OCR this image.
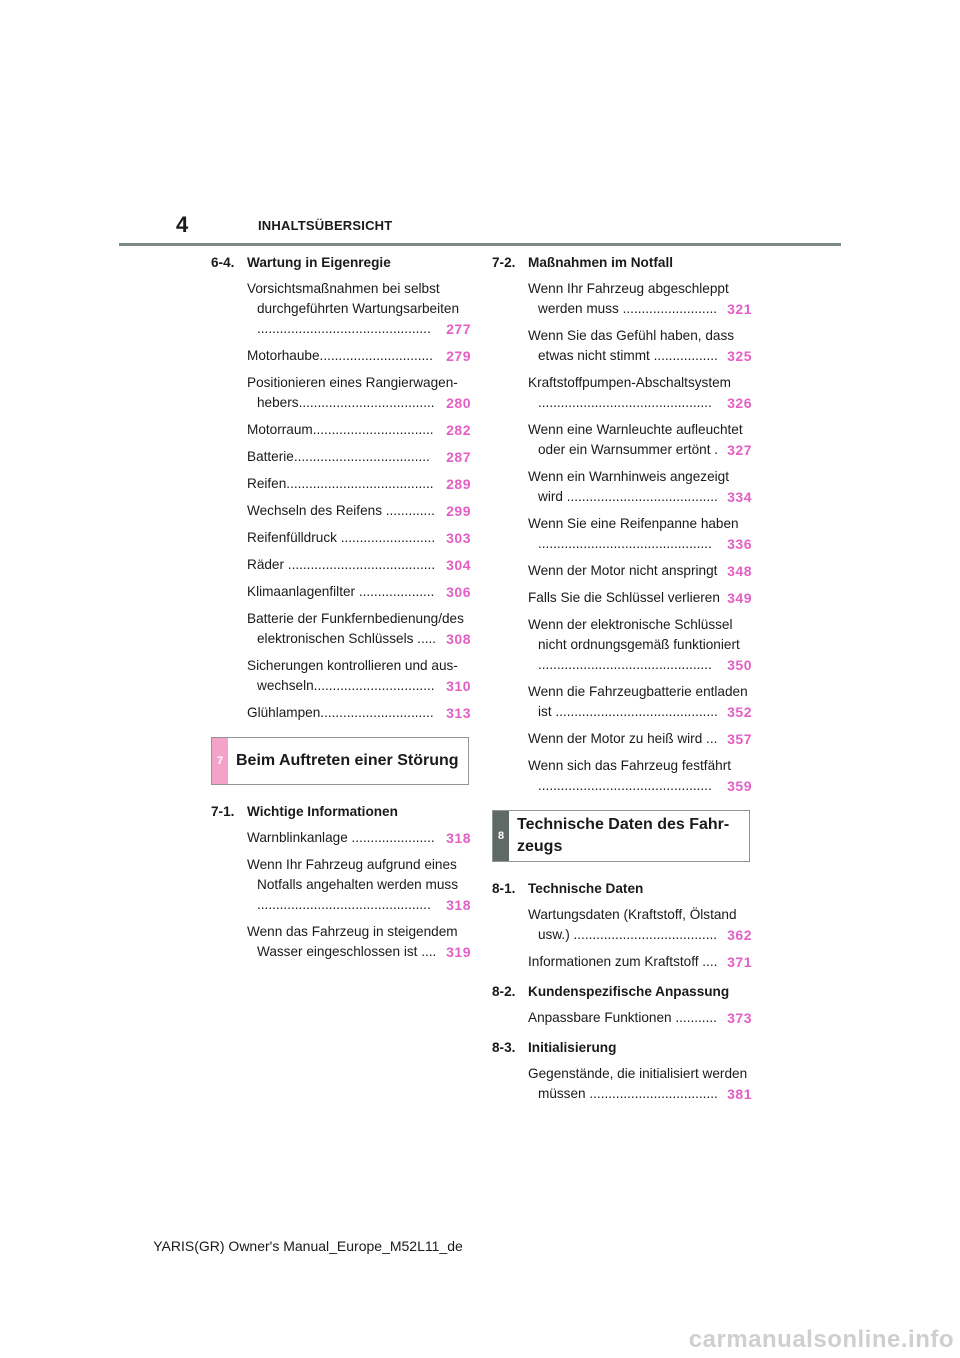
4	INHALTSÜBERSICHT
6-4. Wartung in Eigenregie
Vorsichtsmaßnahmen bei selbst
durchgeführten Wartungsarbeiten
..............................................	277
Motorhaube.............................. 279
Positionieren eines Rangierwagen-
hebers.................................... 280
Motorraum................................ 282
Batterie....................................	287
Reifen....................................... 289
Wechseln des Reifens ............. 299
Reifenfülldruck ......................... 303
Räder ....................................... 304
Klimaanlagenfilter .................... 306
Batterie der Funkfernbedienung/des
elektronischen Schlüssels ..... 308
Sicherungen kontrollieren und aus-
wechseln................................ 310
Glühlampen.............................. 313
7 Beim Auftreten einer Störung
7-1. Wichtige Informationen
Warnblinkanlage ...................... 318
Wenn Ihr Fahrzeug aufgrund eines
Notfalls angehalten werden muss
..............................................	318
Wenn das Fahrzeug in steigendem
Wasser eingeschlossen ist .... 319
7-2. Maßnahmen im Notfall
Wenn Ihr Fahrzeug abgeschleppt
werden muss ......................... 321
Wenn Sie das Gefühl haben, dass
etwas nicht stimmt ................. 325
Kraftstoffpumpen-Abschaltsystem
..............................................	326
Wenn eine Warnleuchte aufleuchtet
oder ein Warnsummer ertönt . 327
Wenn ein Warnhinweis angezeigt
wird ........................................ 334
Wenn Sie eine Reifenpanne haben
..............................................	336
Wenn der Motor nicht anspringt 348
Falls Sie die Schlüssel verlieren 349
Wenn der elektronische Schlüssel
nicht ordnungsgemäß funktioniert
..............................................	350
Wenn die Fahrzeugbatterie entladen
ist ........................................... 352
Wenn der Motor zu heiß wird ... 357
Wenn sich das Fahrzeug festfährt
..............................................	359
8
Technische Daten des Fahr-
zeugs
8-1. Technische Daten
Wartungsdaten (Kraftstoff, Ölstand
usw.) ...................................... 362
Informationen zum Kraftstoff .... 371
8-2. Kundenspezifische Anpassung
Anpassbare Funktionen ........... 373
8-3. Initialisierung
Gegenstände, die initialisiert werden
müssen .................................. 381
YARIS(GR) Owner's Manual_Europe_M52L11_de
carmanualsonline.info
